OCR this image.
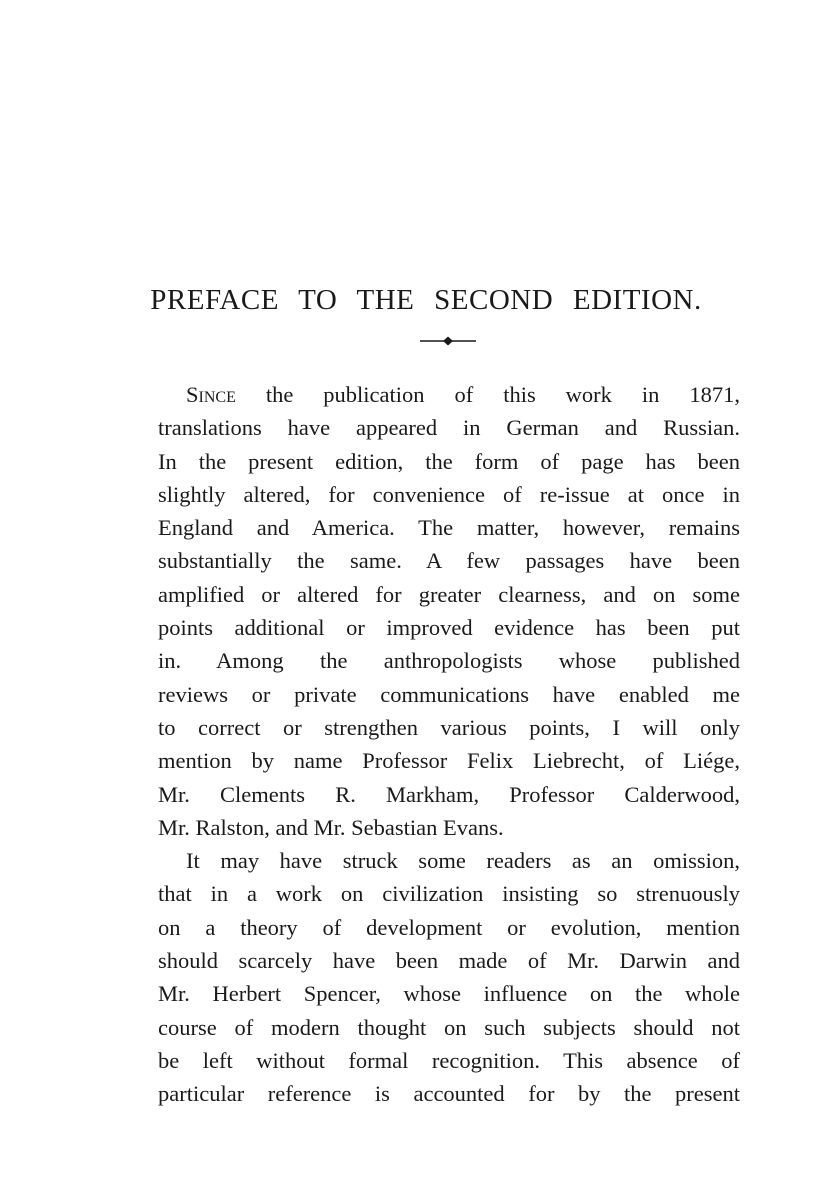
PREFACE TO THE SECOND EDITION.
Since the publication of this work in 1871,
translations have appeared in German and Russian.
In the present edition, the form of page has been
slightly altered, for convenience of re-issue at once in
England and America. The matter, however, remains
substantially the same. A few passages have been
amplified or altered for greater clearness, and on some
points additional or improved evidence has been put
in. Among the anthropologists whose published
reviews or private communications have enabled me
to correct or strengthen various points, I will only
mention by name Professor Felix Liebrecht, of Liége,
Mr. Clements R. Markham, Professor Calderwood,
Mr. Ralston, and Mr. Sebastian Evans.
It may have struck some readers as an omission,
that in a work on civilization insisting so strenuously
on a theory of development or evolution, mention
should scarcely have been made of Mr. Darwin and
Mr. Herbert Spencer, whose influence on the whole
course of modern thought on such subjects should not
be left without formal recognition. This absence of
particular reference is accounted for by the present
